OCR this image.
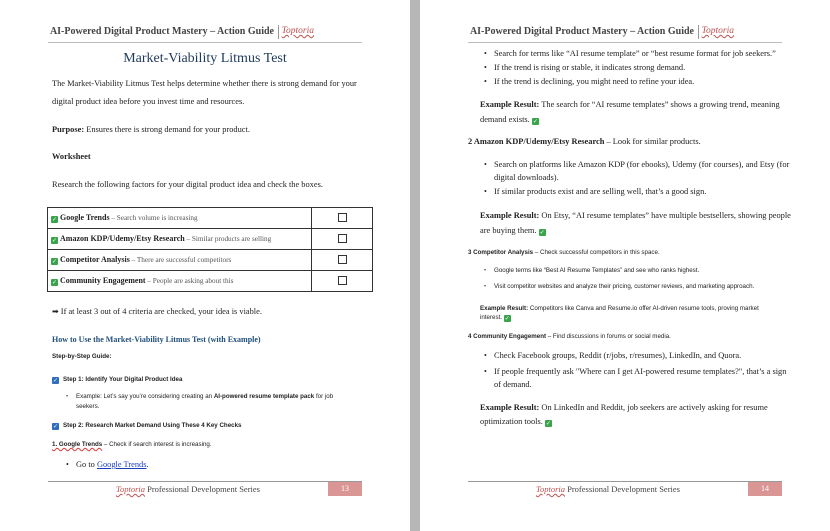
AI-Powered Digital Product Mastery – Action Guide Toptoria
Market-Viability Litmus Test
The Market-Viability Litmus Test helps determine whether there is strong demand for your
digital product idea before you invest time and resources.
Purpose: Ensures there is strong demand for your product.
Worksheet
Research the following factors for your digital product idea and check the boxes.
✓ Google Trends – Search volume is increasing	
✓ Amazon KDP/Udemy/Etsy Research – Similar products are selling	
✓ Competitor Analysis – There are successful competitors	
✓ Community Engagement – People are asking about this	
➡ If at least 3 out of 4 criteria are checked, your idea is viable.
How to Use the Market-Viability Litmus Test (with Example)
Step-by-Step Guide:
✓ Step 1: Identify Your Digital Product Idea
• Example: Let’s say you’re considering creating an AI-powered resume template pack for job
seekers.
✓ Step 2: Research Market Demand Using These 4 Key Checks
1. Google Trends – Check if search interest is increasing.
• Go to Google Trends.
Toptoria Professional Development Series	13
AI-Powered Digital Product Mastery – Action Guide Toptoria
• Search for terms like “AI resume template” or “best resume format for job seekers.”
• If the trend is rising or stable, it indicates strong demand.
• If the trend is declining, you might need to refine your idea.
Example Result: The search for “AI resume templates” shows a growing trend, meaning
demand exists. ✓
2 Amazon KDP/Udemy/Etsy Research – Look for similar products.
• Search on platforms like Amazon KDP (for ebooks), Udemy (for courses), and Etsy (for
digital downloads).
• If similar products exist and are selling well, that’s a good sign.
Example Result: On Etsy, “AI resume templates” have multiple bestsellers, showing people
are buying them. ✓
3 Competitor Analysis – Check successful competitors in this space.
• Google terms like “Best AI Resume Templates” and see who ranks highest.
• Visit competitor websites and analyze their pricing, customer reviews, and marketing approach.
Example Result: Competitors like Canva and Resume.io offer AI-driven resume tools, proving market
interest. ✓
4 Community Engagement – Find discussions in forums or social media.
• Check Facebook groups, Reddit (r/jobs, r/resumes), LinkedIn, and Quora.
• If people frequently ask "Where can I get AI-powered resume templates?", that’s a sign
of demand.
Example Result: On LinkedIn and Reddit, job seekers are actively asking for resume
optimization tools. ✓
Toptoria Professional Development Series	14
